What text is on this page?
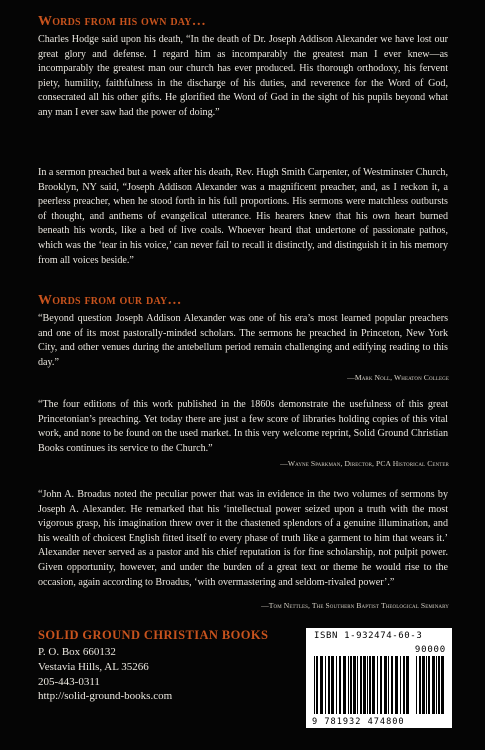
Words from his own day…

Charles Hodge said upon his death, “In the death of Dr. Joseph Addison Alexander we have lost our great glory and defense. I regard him as incomparably the greatest man I ever knew—as incomparably the greatest man our church has ever produced. His thorough orthodoxy, his fervent piety, humility, faithfulness in the discharge of his duties, and reverence for the Word of God, consecrated all his other gifts. He glorified the Word of God in the sight of his pupils beyond what any man I ever saw had the power of doing.”

In a sermon preached but a week after his death, Rev. Hugh Smith Carpenter, of Westminster Church, Brooklyn, NY said, “Joseph Addison Alexander was a magnificent preacher, and, as I reckon it, a peerless preacher, when he stood forth in his full proportions. His sermons were matchless outbursts of thought, and anthems of evangelical utterance. His hearers knew that his own heart burned beneath his words, like a bed of live coals. Whoever heard that undertone of passionate pathos, which was the ‘tear in his voice,’ can never fail to recall it distinctly, and distinguish it in his memory from all voices beside.”

Words from our day…

“Beyond question Joseph Addison Alexander was one of his era’s most learned popular preachers and one of its most pastorally-minded scholars. The sermons he preached in Princeton, New York City, and other venues during the antebellum period remain challenging and edifying reading to this day.”

—Mark Noll, Wheaton College

“The four editions of this work published in the 1860s demonstrate the usefulness of this great Princetonian’s preaching. Yet today there are just a few score of libraries holding copies of this vital work, and none to be found on the used market. In this very welcome reprint, Solid Ground Christian Books continues its service to the Church.”

—Wayne Sparkman, Director, PCA Historical Center

“John A. Broadus noted the peculiar power that was in evidence in the two volumes of sermons by Joseph A. Alexander. He remarked that his ‘intellectual power seized upon a truth with the most vigorous grasp, his imagination threw over it the chastened splendors of a genuine illumination, and his wealth of choicest English fitted itself to every phase of truth like a garment to him that wears it.’ Alexander never served as a pastor and his chief reputation is for fine scholarship, not pulpit power. Given opportunity, however, and under the burden of a great text or theme he would rise to the occasion, again according to Broadus, ‘with overmastering and seldom-rivaled power’.”

—Tom Nettles, The Southern Baptist Theological Seminary
SOLID GROUND CHRISTIAN BOOKS
P. O. Box 660132
Vestavia Hills, AL 35266
205-443-0311
http://solid-ground-books.com
ISBN 1-932474-60-3
90000
9 781932 474800
